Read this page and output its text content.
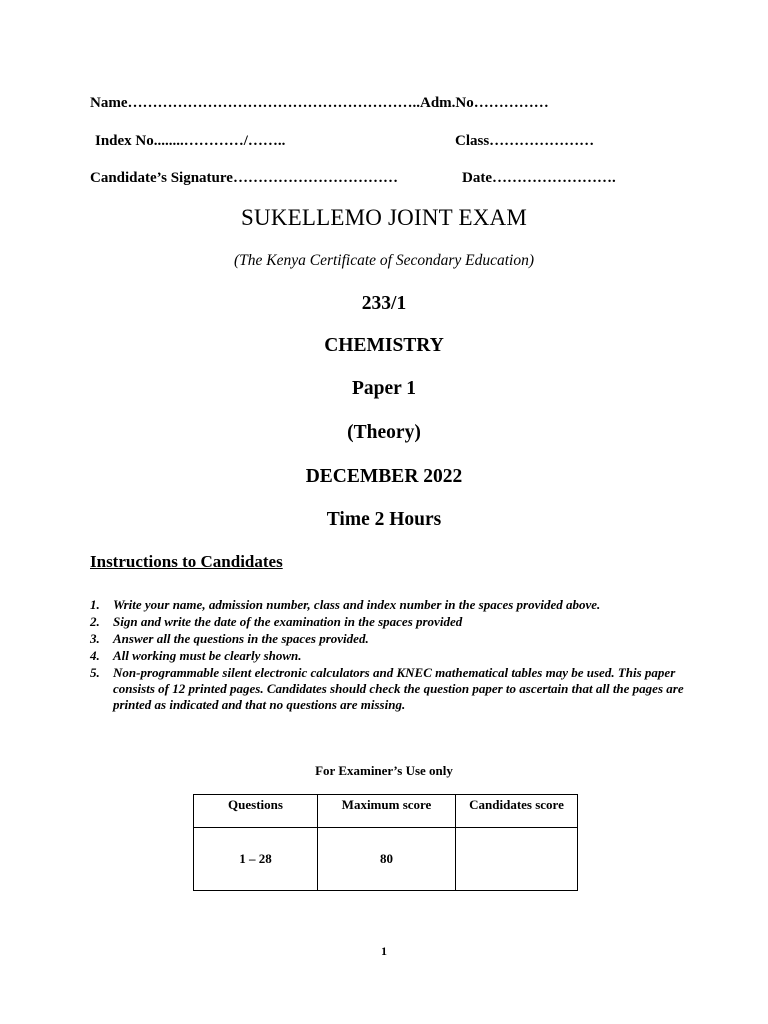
Name…………………………………………………..Adm.No……………
Index No........…………/……..	Class…………………
Candidate’s Signature……………………………	Date…………………….
SUKELLEMO JOINT EXAM
(The Kenya Certificate of Secondary Education)
233/1
CHEMISTRY
Paper 1
(Theory)
DECEMBER 2022
Time 2 Hours
Instructions to Candidates
1. Write your name, admission number, class and index number in the spaces provided above.
2. Sign and write the date of the examination in the spaces provided
3. Answer all the questions in the spaces provided.
4. All working must be clearly shown.
5. Non-programmable silent electronic calculators and KNEC mathematical tables may be used. This paper consists of 12 printed pages. Candidates should check the question paper to ascertain that all the pages are printed as indicated and that no questions are missing.
For Examiner’s Use only
Questions	Maximum score	Candidates score
1 – 28	80	
1
